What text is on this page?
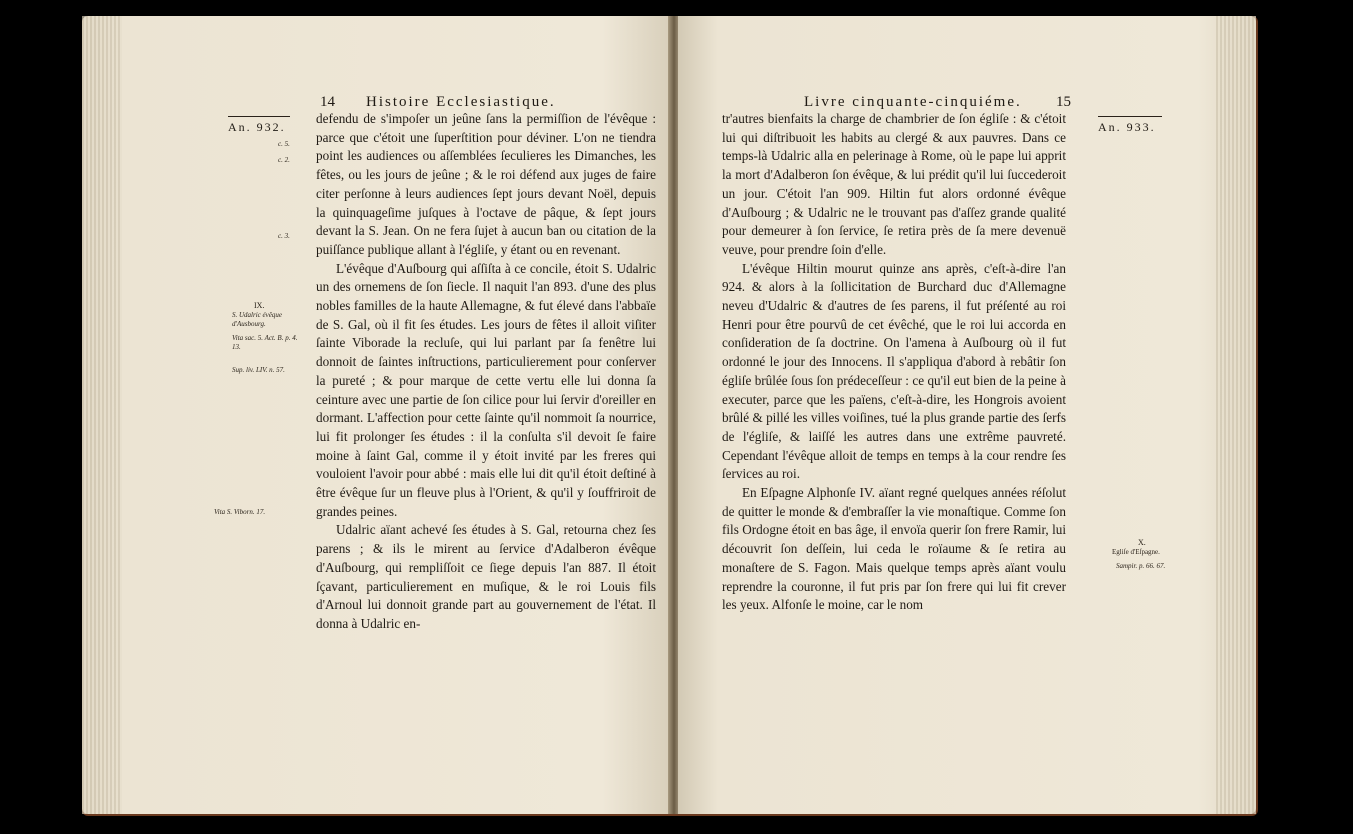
14 Histoire Ecclesiastique.
An. 932.
c. 5.
c. 2.
c. 3.
IX.
S. Udalric évêque d'Ausbourg.
Vita sac. 5. Act. B. p. 4. 13.
Sup. liv. LIV. n. 57.
Vita S. Viborn. 17.

defendu de s'impoſer un jeûne ſans la permiſſion de l'évêque : parce que c'étoit une ſuperſtition pour déviner. L'on ne tiendra point les audiences ou aſſemblées ſeculieres les Dimanches, les fêtes, ou les jours de jeûne ; & le roi défend aux juges de faire citer perſonne à leurs audiences ſept jours devant Noël, depuis la quinquageſime juſques à l'octave de pâque, & ſept jours devant la S. Jean. On ne fera ſujet à aucun ban ou citation de la puiſſance publique allant à l'égliſe, y étant ou en revenant.

L'évêque d'Auſbourg qui aſſiſta à ce concile, étoit S. Udalric un des ornemens de ſon ſiecle. Il naquit l'an 893. d'une des plus nobles familles de la haute Allemagne, & fut élevé dans l'abbaïe de S. Gal, où il fit ſes études. Les jours de fêtes il alloit viſiter ſainte Viborade la recluſe, qui lui parlant par ſa fenêtre lui donnoit de ſaintes inſtructions, particulierement pour conſerver la pureté ; & pour marque de cette vertu elle lui donna ſa ceinture avec une partie de ſon cilice pour lui ſervir d'oreiller en dormant. L'affection pour cette ſainte qu'il nommoit ſa nourrice, lui fit prolonger ſes études : il la conſulta s'il devoit ſe faire moine à ſaint Gal, comme il y étoit invité par les freres qui vouloient l'avoir pour abbé : mais elle lui dit qu'il étoit deſtiné à être évêque ſur un fleuve plus à l'Orient, & qu'il y ſouffriroit de grandes peines.

Udalric aïant achevé ſes études à S. Gal, retourna chez ſes parens ; & ils le mirent au ſervice d'Adalberon évêque d'Auſbourg, qui rempliſſoit ce ſiege depuis l'an 887. Il étoit ſçavant, particulierement en muſique, & le roi Louis fils d'Arnoul lui donnoit grande part au gouvernement de l'état. Il donna à Udalric en-

Livre cinquante-cinquiéme. 15
An. 933.
X.
Egliſe d'Eſpagne.
Sampir. p. 66. 67.

tr'autres bienfaits la charge de chambrier de ſon égliſe : & c'étoit lui qui diſtribuoit les habits au clergé & aux pauvres. Dans ce temps-là Udalric alla en pelerinage à Rome, où le pape lui apprit la mort d'Adalberon ſon évêque, & lui prédit qu'il lui ſuccederoit un jour. C'étoit l'an 909. Hiltin fut alors ordonné évêque d'Auſbourg ; & Udalric ne le trouvant pas d'aſſez grande qualité pour demeurer à ſon ſervice, ſe retira près de ſa mere devenuë veuve, pour prendre ſoin d'elle.

L'évêque Hiltin mourut quinze ans après, c'eſt-à-dire l'an 924. & alors à la ſollicitation de Burchard duc d'Allemagne neveu d'Udalric & d'autres de ſes parens, il fut préſenté au roi Henri pour être pourvû de cet évêché, que le roi lui accorda en conſideration de ſa doctrine. On l'amena à Auſbourg où il fut ordonné le jour des Innocens. Il s'appliqua d'abord à rebâtir ſon égliſe brûlée ſous ſon prédeceſſeur : ce qu'il eut bien de la peine à executer, parce que les païens, c'eſt-à-dire, les Hongrois avoient brûlé & pillé les villes voiſines, tué la plus grande partie des ſerfs de l'égliſe, & laiſſé les autres dans une extrême pauvreté. Cependant l'évêque alloit de temps en temps à la cour rendre ſes ſervices au roi.

En Eſpagne Alphonſe IV. aïant regné quelques années réſolut de quitter le monde & d'embraſſer la vie monaſtique. Comme ſon fils Ordogne étoit en bas âge, il envoïa querir ſon frere Ramir, lui découvrit ſon deſſein, lui ceda le roïaume & ſe retira au monaſtere de S. Fagon. Mais quelque temps après aïant voulu reprendre la couronne, il fut pris par ſon frere qui lui fit crever les yeux. Alfonſe le moine, car le nom
